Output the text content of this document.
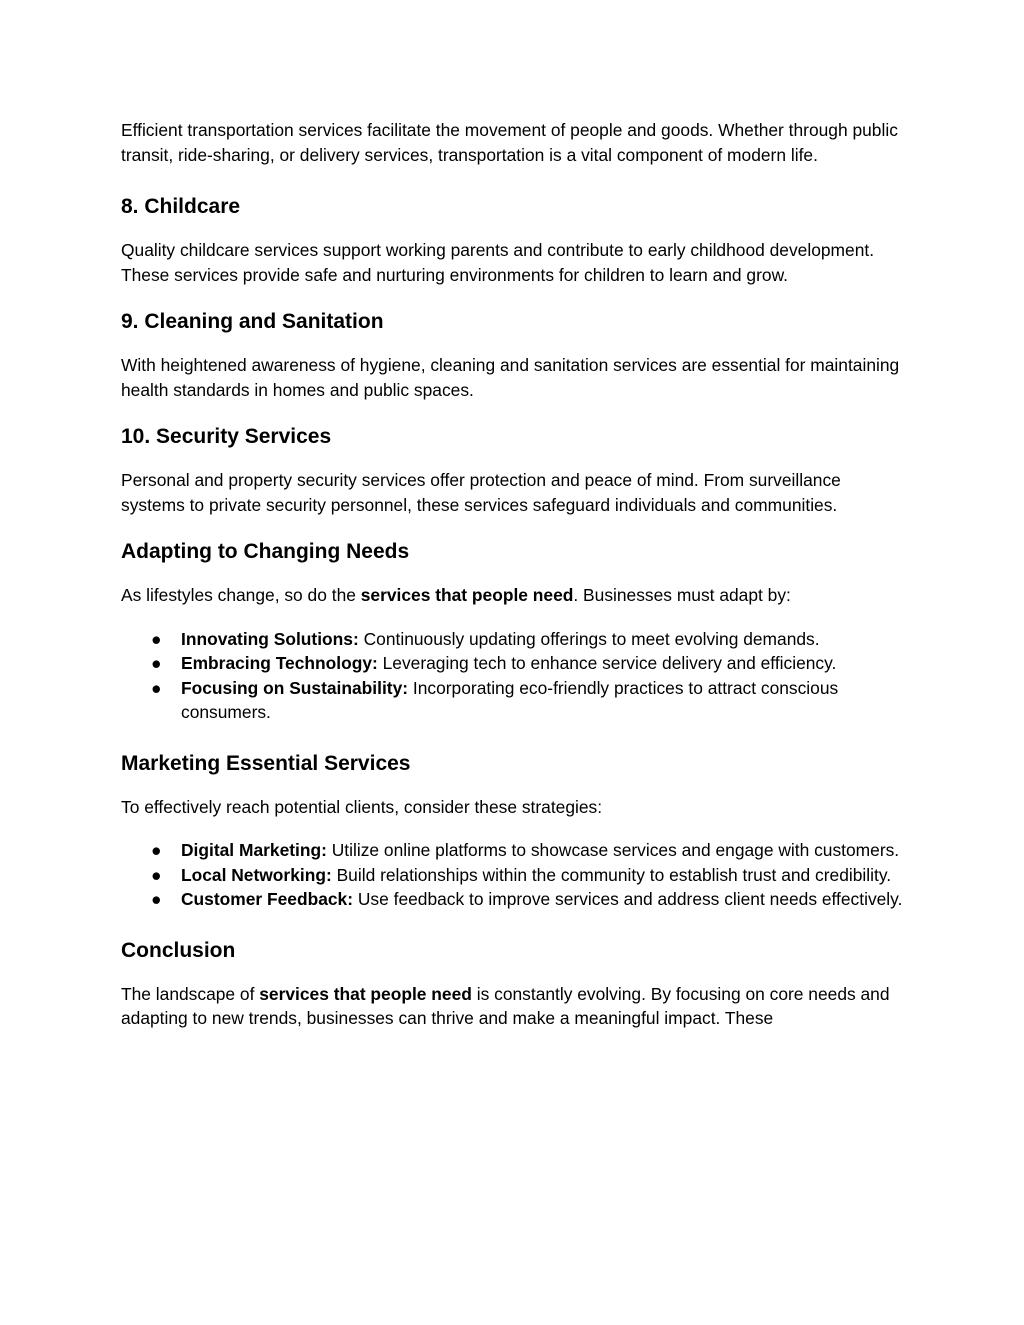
Efficient transportation services facilitate the movement of people and goods. Whether through public transit, ride-sharing, or delivery services, transportation is a vital component of modern life.

8. Childcare

Quality childcare services support working parents and contribute to early childhood development. These services provide safe and nurturing environments for children to learn and grow.

9. Cleaning and Sanitation

With heightened awareness of hygiene, cleaning and sanitation services are essential for maintaining health standards in homes and public spaces.

10. Security Services

Personal and property security services offer protection and peace of mind. From surveillance systems to private security personnel, these services safeguard individuals and communities.

Adapting to Changing Needs

As lifestyles change, so do the services that people need. Businesses must adapt by:

● Innovating Solutions: Continuously updating offerings to meet evolving demands.
● Embracing Technology: Leveraging tech to enhance service delivery and efficiency.
● Focusing on Sustainability: Incorporating eco-friendly practices to attract conscious consumers.
Marketing Essential Services

To effectively reach potential clients, consider these strategies:

● Digital Marketing: Utilize online platforms to showcase services and engage with customers.
● Local Networking: Build relationships within the community to establish trust and credibility.
● Customer Feedback: Use feedback to improve services and address client needs effectively.
Conclusion

The landscape of services that people need is constantly evolving. By focusing on core needs and adapting to new trends, businesses can thrive and make a meaningful impact. These
